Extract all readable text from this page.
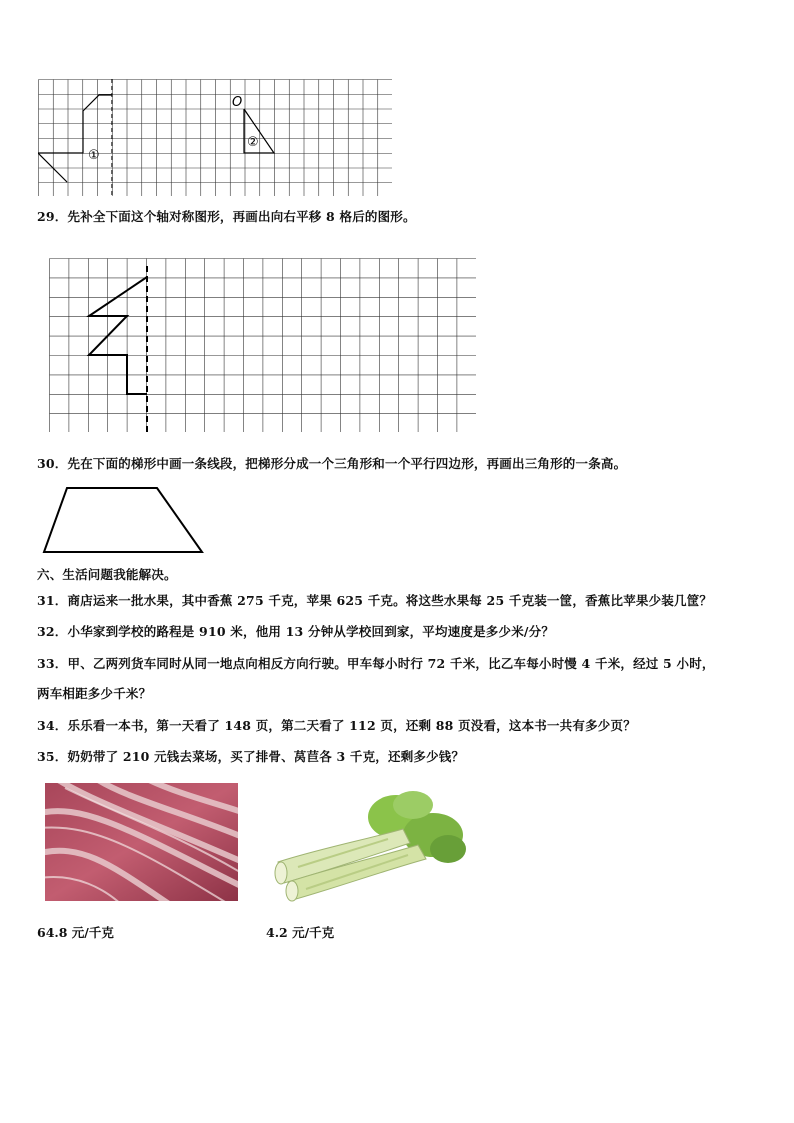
①
O
②
29．先补全下面这个轴对称图形，再画出向右平移 8 格后的图形。
30．先在下面的梯形中画一条线段，把梯形分成一个三角形和一个平行四边形，再画出三角形的一条高。
六、生活问题我能解决。
31．商店运来一批水果，其中香蕉 275 千克，苹果 625 千克。将这些水果每 25 千克装一筐，香蕉比苹果少装几筐？
32．小华家到学校的路程是 910 米，他用 13 分钟从学校回到家，平均速度是多少米/分？
33．甲、乙两列货车同时从同一地点向相反方向行驶。甲车每小时行 72 千米，比乙车每小时慢 4 千米，经过 5 小时，
两车相距多少千米？
34．乐乐看一本书，第一天看了 148 页，第二天看了 112 页，还剩 88 页没看，这本书一共有多少页？
35．奶奶带了 210 元钱去菜场，买了排骨、莴苣各 3 千克，还剩多少钱？
64.8 元/千克	4.2 元/千克
